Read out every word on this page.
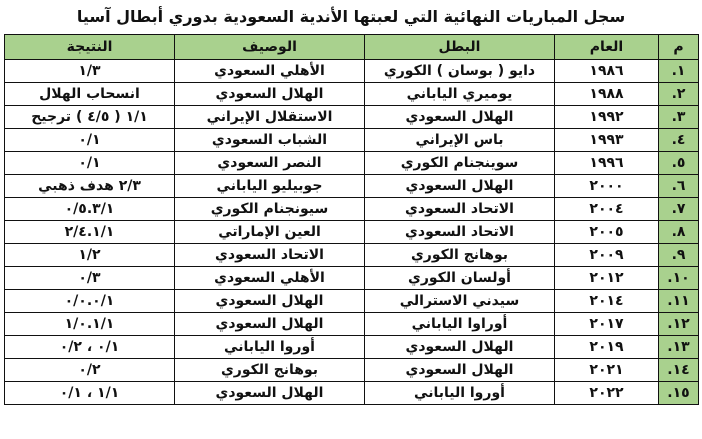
سجل المباريات النهائية التي لعبتها الأندية السعودية بدوري أبطال آسيا
م	العام	البطل	الوصيف	النتيجة
.١	١٩٨٦	دايو ( بوسان ) الكوري	الأهلي السعودي	١/٣
.٢	١٩٨٨	يوميري الياباني	الهلال السعودي	انسحاب الهلال
.٣	١٩٩٢	الهلال السعودي	الاستقلال الإيراني	١/١ ( ٤/٥ ) ترجيح
.٤	١٩٩٣	باس الإيراني	الشباب السعودي	٠/١
.٥	١٩٩٦	سوينجنام الكوري	النصر السعودي	٠/١
.٦	٢٠٠٠	الهلال السعودي	جوبيليو الياباني	٢/٣ هدف ذهبي
.٧	٢٠٠٤	الاتحاد السعودي	سيونجنام الكوري	٠/٥.٣/١
.٨	٢٠٠٥	الاتحاد السعودي	العين الإماراتي	٢/٤.١/١
.٩	٢٠٠٩	بوهانج الكوري	الاتحاد السعودي	١/٢
.١٠	٢٠١٢	أولسان الكوري	الأهلي السعودي	٠/٣
.١١	٢٠١٤	سيدني الاسترالي	الهلال السعودي	٠/٠.٠/١
.١٢	٢٠١٧	أوراوا الياباني	الهلال السعودي	١/٠.١/١
.١٣	٢٠١٩	الهلال السعودي	أوروا الياباني	٠/١ ، ٠/٢
.١٤	٢٠٢١	الهلال السعودي	بوهانج الكوري	٠/٢
.١٥	٢٠٢٢	أوروا الياباني	الهلال السعودي	١/١ ، ٠/١
